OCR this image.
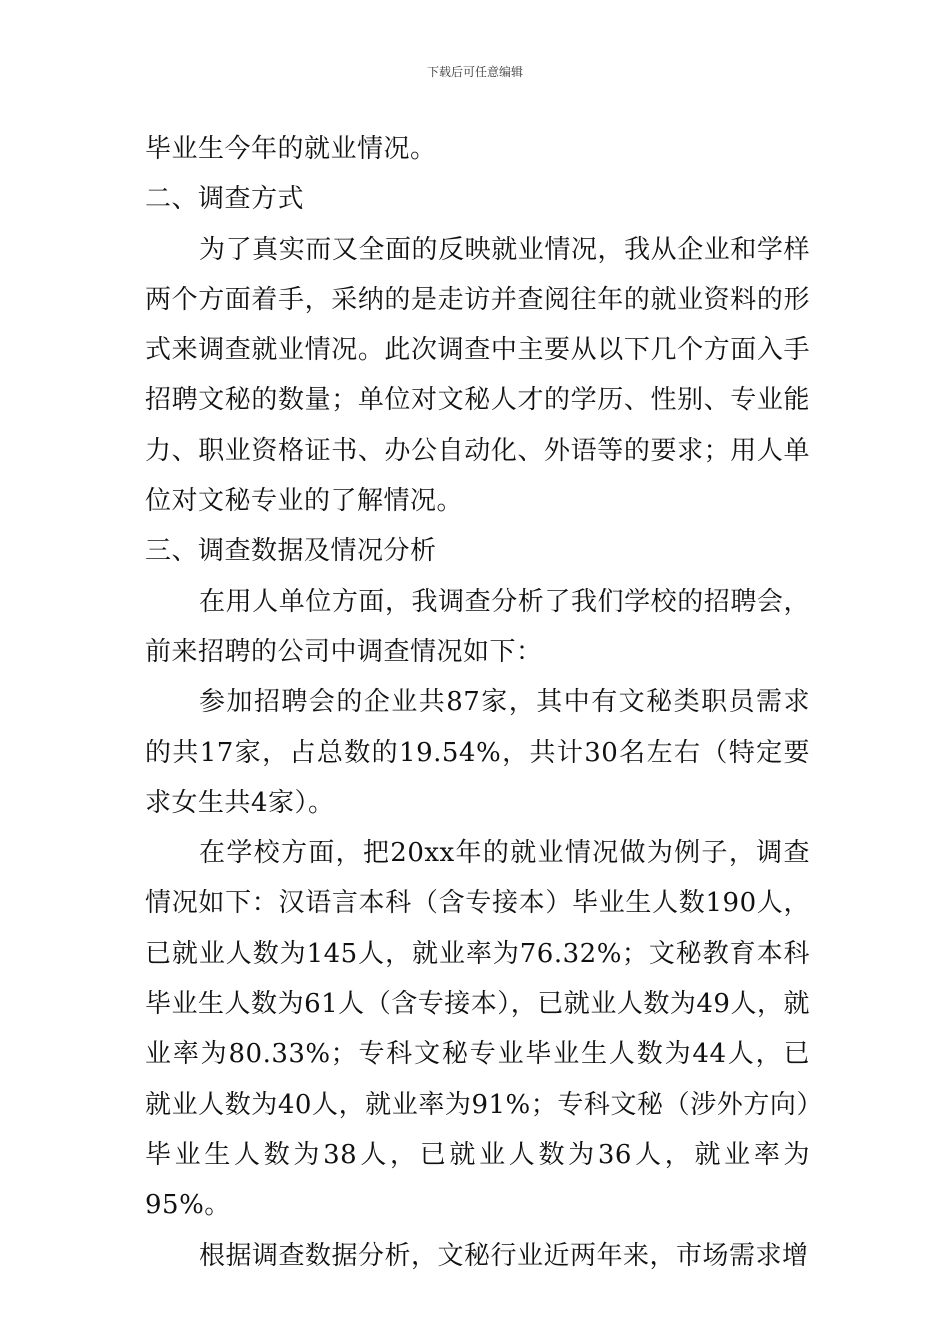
下载后可任意编辑

毕业生今年的就业情况。

二、调查方式

为了真实而又全面的反映就业情况，我从企业和学样两个方面着手，采纳的是走访并查阅往年的就业资料的形式来调查就业情况。此次调查中主要从以下几个方面入手招聘文秘的数量；单位对文秘人才的学历、性别、专业能力、职业资格证书、办公自动化、外语等的要求；用人单位对文秘专业的了解情况。

三、调查数据及情况分析

在用人单位方面，我调查分析了我们学校的招聘会，前来招聘的公司中调查情况如下：

参加招聘会的企业共87家，其中有文秘类职员需求的共17家，占总数的19.54%，共计30名左右（特定要求女生共4家）。

在学校方面，把20xx年的就业情况做为例子，调查情况如下：汉语言本科（含专接本）毕业生人数190人，已就业人数为145人，就业率为76.32%；文秘教育本科毕业生人数为61人（含专接本），已就业人数为49人，就业率为80.33%；专科文秘专业毕业生人数为44人，已就业人数为40人，就业率为91%；专科文秘（涉外方向）毕业生人数为38人，已就业人数为36人，就业率为95%。

根据调查数据分析，文秘行业近两年来，市场需求增
